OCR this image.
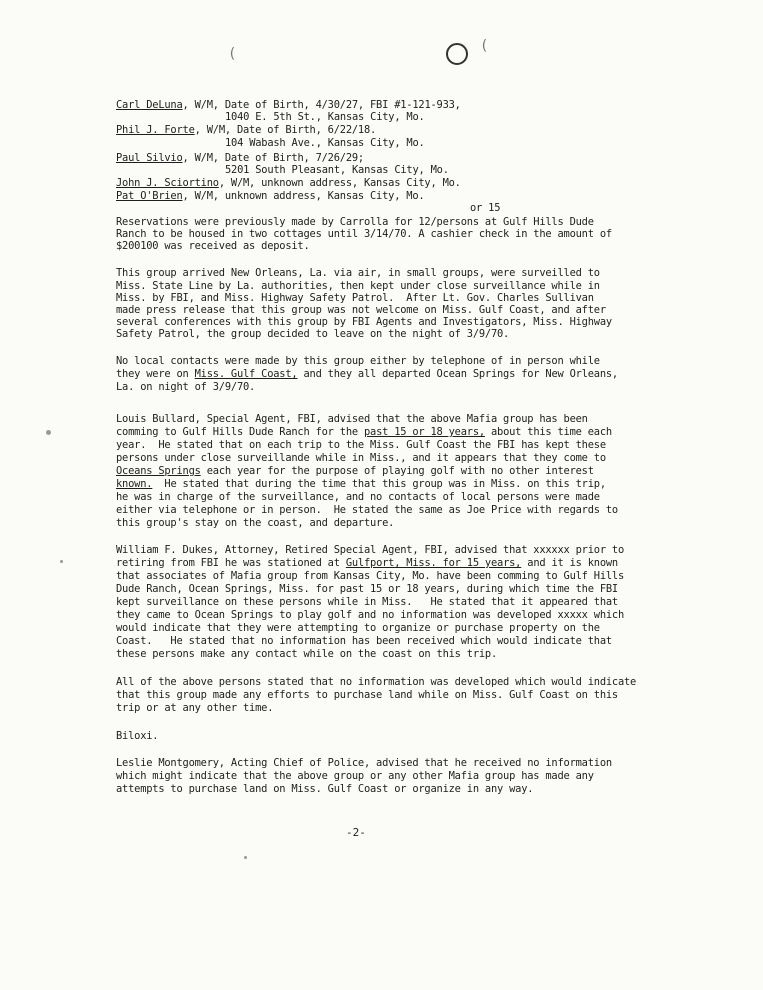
(
(
Carl DeLuna, W/M, Date of Birth, 4/30/27, FBI #1-121-933,
1040 E. 5th St., Kansas City, Mo.
Phil J. Forte, W/M, Date of Birth, 6/22/18.
104 Wabash Ave., Kansas City, Mo.
Paul Silvio, W/M, Date of Birth, 7/26/29;
5201 South Pleasant, Kansas City, Mo.
John J. Sciortino, W/M, unknown address, Kansas City, Mo.
Pat O'Brien, W/M, unknown address, Kansas City, Mo.
or 15
Reservations were previously made by Carrolla for 12/persons at Gulf Hills Dude
Ranch to be housed in two cottages until 3/14/70. A cashier check in the amount of
$200100 was received as deposit.
This group arrived New Orleans, La. via air, in small groups, were surveilled to
Miss. State Line by La. authorities, then kept under close surveillance while in
Miss. by FBI, and Miss. Highway Safety Patrol.  After Lt. Gov. Charles Sullivan
made press release that this group was not welcome on Miss. Gulf Coast, and after
several conferences with this group by FBI Agents and Investigators, Miss. Highway
Safety Patrol, the group decided to leave on the night of 3/9/70.
No local contacts were made by this group either by telephone of in person while
they were on Miss. Gulf Coast, and they all departed Ocean Springs for New Orleans,
La. on night of 3/9/70.
Louis Bullard, Special Agent, FBI, advised that the above Mafia group has been
comming to Gulf Hills Dude Ranch for the past 15 or 18 years, about this time each
year.  He stated that on each trip to the Miss. Gulf Coast the FBI has kept these
persons under close surveillande while in Miss., and it appears that they come to
Oceans Springs each year for the purpose of playing golf with no other interest
known.  He stated that during the time that this group was in Miss. on this trip,
he was in charge of the surveillance, and no contacts of local persons were made
either via telephone or in person.  He stated the same as Joe Price with regards to
this group's stay on the coast, and departure.
William F. Dukes, Attorney, Retired Special Agent, FBI, advised that xxxxxx prior to
retiring from FBI he was stationed at Gulfport, Miss. for 15 years, and it is known
that associates of Mafia group from Kansas City, Mo. have been comming to Gulf Hills
Dude Ranch, Ocean Springs, Miss. for past 15 or 18 years, during which time the FBI
kept surveillance on these persons while in Miss.   He stated that it appeared that
they came to Ocean Springs to play golf and no information was developed xxxxx which
would indicate that they were attempting to organize or purchase property on the
Coast.   He stated that no information has been received which would indicate that
these persons make any contact while on the coast on this trip.
All of the above persons stated that no information was developed which would indicate
that this group made any efforts to purchase land while on Miss. Gulf Coast on this
trip or at any other time.
Biloxi.
Leslie Montgomery, Acting Chief of Police, advised that he received no information
which might indicate that the above group or any other Mafia group has made any
attempts to purchase land on Miss. Gulf Coast or organize in any way.
-2-
